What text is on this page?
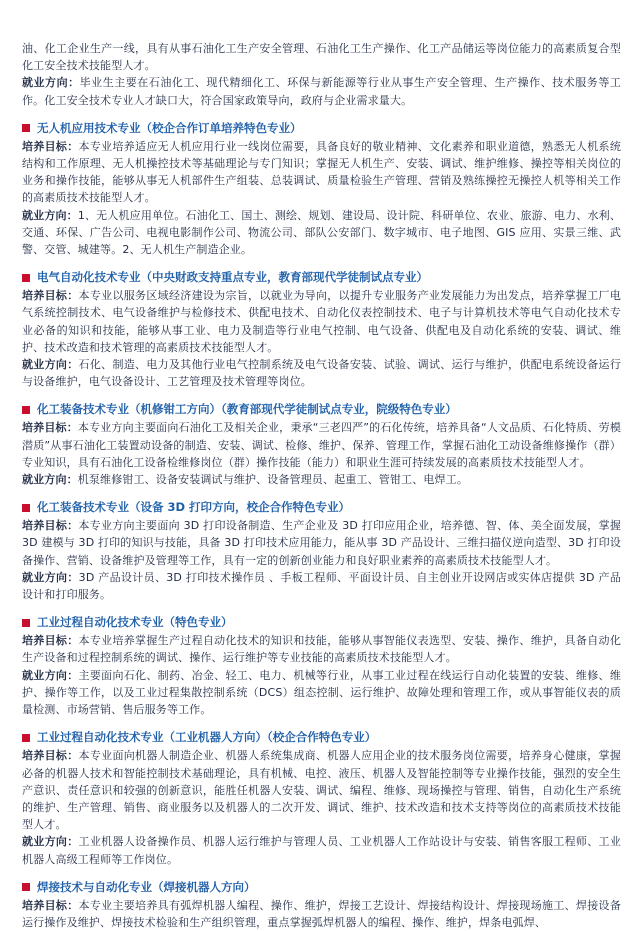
油、化工企业生产一线，具有从事石油化工生产安全管理、石油化工生产操作、化工产品储运等岗位能力的高素质复合型化工安全技术技能型人才。

就业方向：毕业生主要在石油化工、现代精细化工、环保与新能源等行业从事生产安全管理、生产操作、技术服务等工作。化工安全技术专业人才缺口大，符合国家政策导向，政府与企业需求量大。

无人机应用技术专业（校企合作订单培养特色专业）

培养目标：本专业培养适应无人机应用行业一线岗位需要，具备良好的敬业精神、文化素养和职业道德，熟悉无人机系统结构和工作原理、无人机操控技术等基础理论与专门知识；掌握无人机生产、安装、调试、维护维修、操控等相关岗位的业务和操作技能，能够从事无人机部件生产组装、总装调试、质量检验生产管理、营销及熟练操控无操控人机等相关工作的高素质技术技能型人才。

就业方向：1、无人机应用单位。石油化工、国土、测绘、规划、建设局、设计院、科研单位、农业、旅游、电力、水利、交通、环保、广告公司、电视电影制作公司、物流公司、部队公安部门、数字城市、电子地图、GIS 应用、实景三维、武警、交管、城建等。2、无人机生产制造企业。

电气自动化技术专业（中央财政支持重点专业，教育部现代学徒制试点专业）

培养目标：本专业以服务区域经济建设为宗旨，以就业为导向，以提升专业服务产业发展能力为出发点，培养掌握工厂电气系统控制技术、电气设备维护与检修技术、供配电技术、自动化仪表控制技术、电子与计算机技术等电气自动化技术专业必备的知识和技能，能够从事工业、电力及制造等行业电气控制、电气设备、供配电及自动化系统的安装、调试、维护、技术改造和技术管理的高素质技术技能型人才。

就业方向：石化、制造、电力及其他行业电气控制系统及电气设备安装、试验、调试、运行与维护，供配电系统设备运行与设备维护，电气设备设计、工艺管理及技术管理等岗位。

化工装备技术专业（机修钳工方向）（教育部现代学徒制试点专业，院级特色专业）

培养目标：本专业方向主要面向石油化工及相关企业，秉承“三老四严”的石化传统，培养具备“人文品质、石化特质、劳模潜质”从事石油化工装置动设备的制造、安装、调试、检修、维护、保养、管理工作，掌握石油化工动设备维修操作（群）专业知识，具有石油化工设备检维修岗位（群）操作技能（能力）和职业生涯可持续发展的高素质技术技能型人才。

就业方向：机泵维修钳工、设备安装调试与维护、设备管理员、起重工、管钳工、电焊工。

化工装备技术专业（设备 3D 打印方向，校企合作特色专业）

培养目标：本专业方向主要面向 3D 打印设备制造、生产企业及 3D 打印应用企业，培养德、智、体、美全面发展，掌握 3D 建模与 3D 打印的知识与技能，具备 3D 打印技术应用能力，能从事 3D 产品设计、三维扫描仪逆向造型、3D 打印设备操作、营销、设备维护及管理等工作，具有一定的创新创业能力和良好职业素养的高素质技术技能型人才。

就业方向：3D 产品设计员、3D 打印技术操作员 、手板工程师、平面设计员、自主创业开设网店或实体店提供 3D 产品设计和打印服务。

工业过程自动化技术专业（特色专业）

培养目标：本专业培养掌握生产过程自动化技术的知识和技能，能够从事智能仪表选型、安装、操作、维护，具备自动化生产设备和过程控制系统的调试、操作、运行维护等专业技能的高素质技术技能型人才。

就业方向：主要面向石化、制药、冶金、轻工、电力、机械等行业，从事工业过程在线运行自动化装置的安装、维修、维护、操作等工作，以及工业过程集散控制系统（DCS）组态控制、运行维护、故障处理和管理工作，或从事智能仪表的质量检测、市场营销、售后服务等工作。

工业过程自动化技术专业（工业机器人方向）（校企合作特色专业）

培养目标：本专业面向机器人制造企业、机器人系统集成商、机器人应用企业的技术服务岗位需要，培养身心健康，掌握必备的机器人技术和智能控制技术基础理论，具有机械、电控、液压、机器人及智能控制等专业操作技能，强烈的安全生产意识、责任意识和较强的创新意识，能胜任机器人安装、调试、编程、维修、现场操控与管理、销售，自动化生产系统的维护、生产管理、销售、商业服务以及机器人的二次开发、调试、维护、技术改造和技术支持等岗位的高素质技术技能型人才。

就业方向：工业机器人设备操作员、机器人运行维护与管理人员、工业机器人工作站设计与安装、销售客服工程师、工业机器人高级工程师等工作岗位。

焊接技术与自动化专业（焊接机器人方向）

培养目标：本专业主要培养具有弧焊机器人编程、操作、维护，焊接工艺设计、焊接结构设计、焊接现场施工、焊接设备运行操作及维护、焊接技术检验和生产组织管理，重点掌握弧焊机器人的编程、操作、维护，焊条电弧焊、
